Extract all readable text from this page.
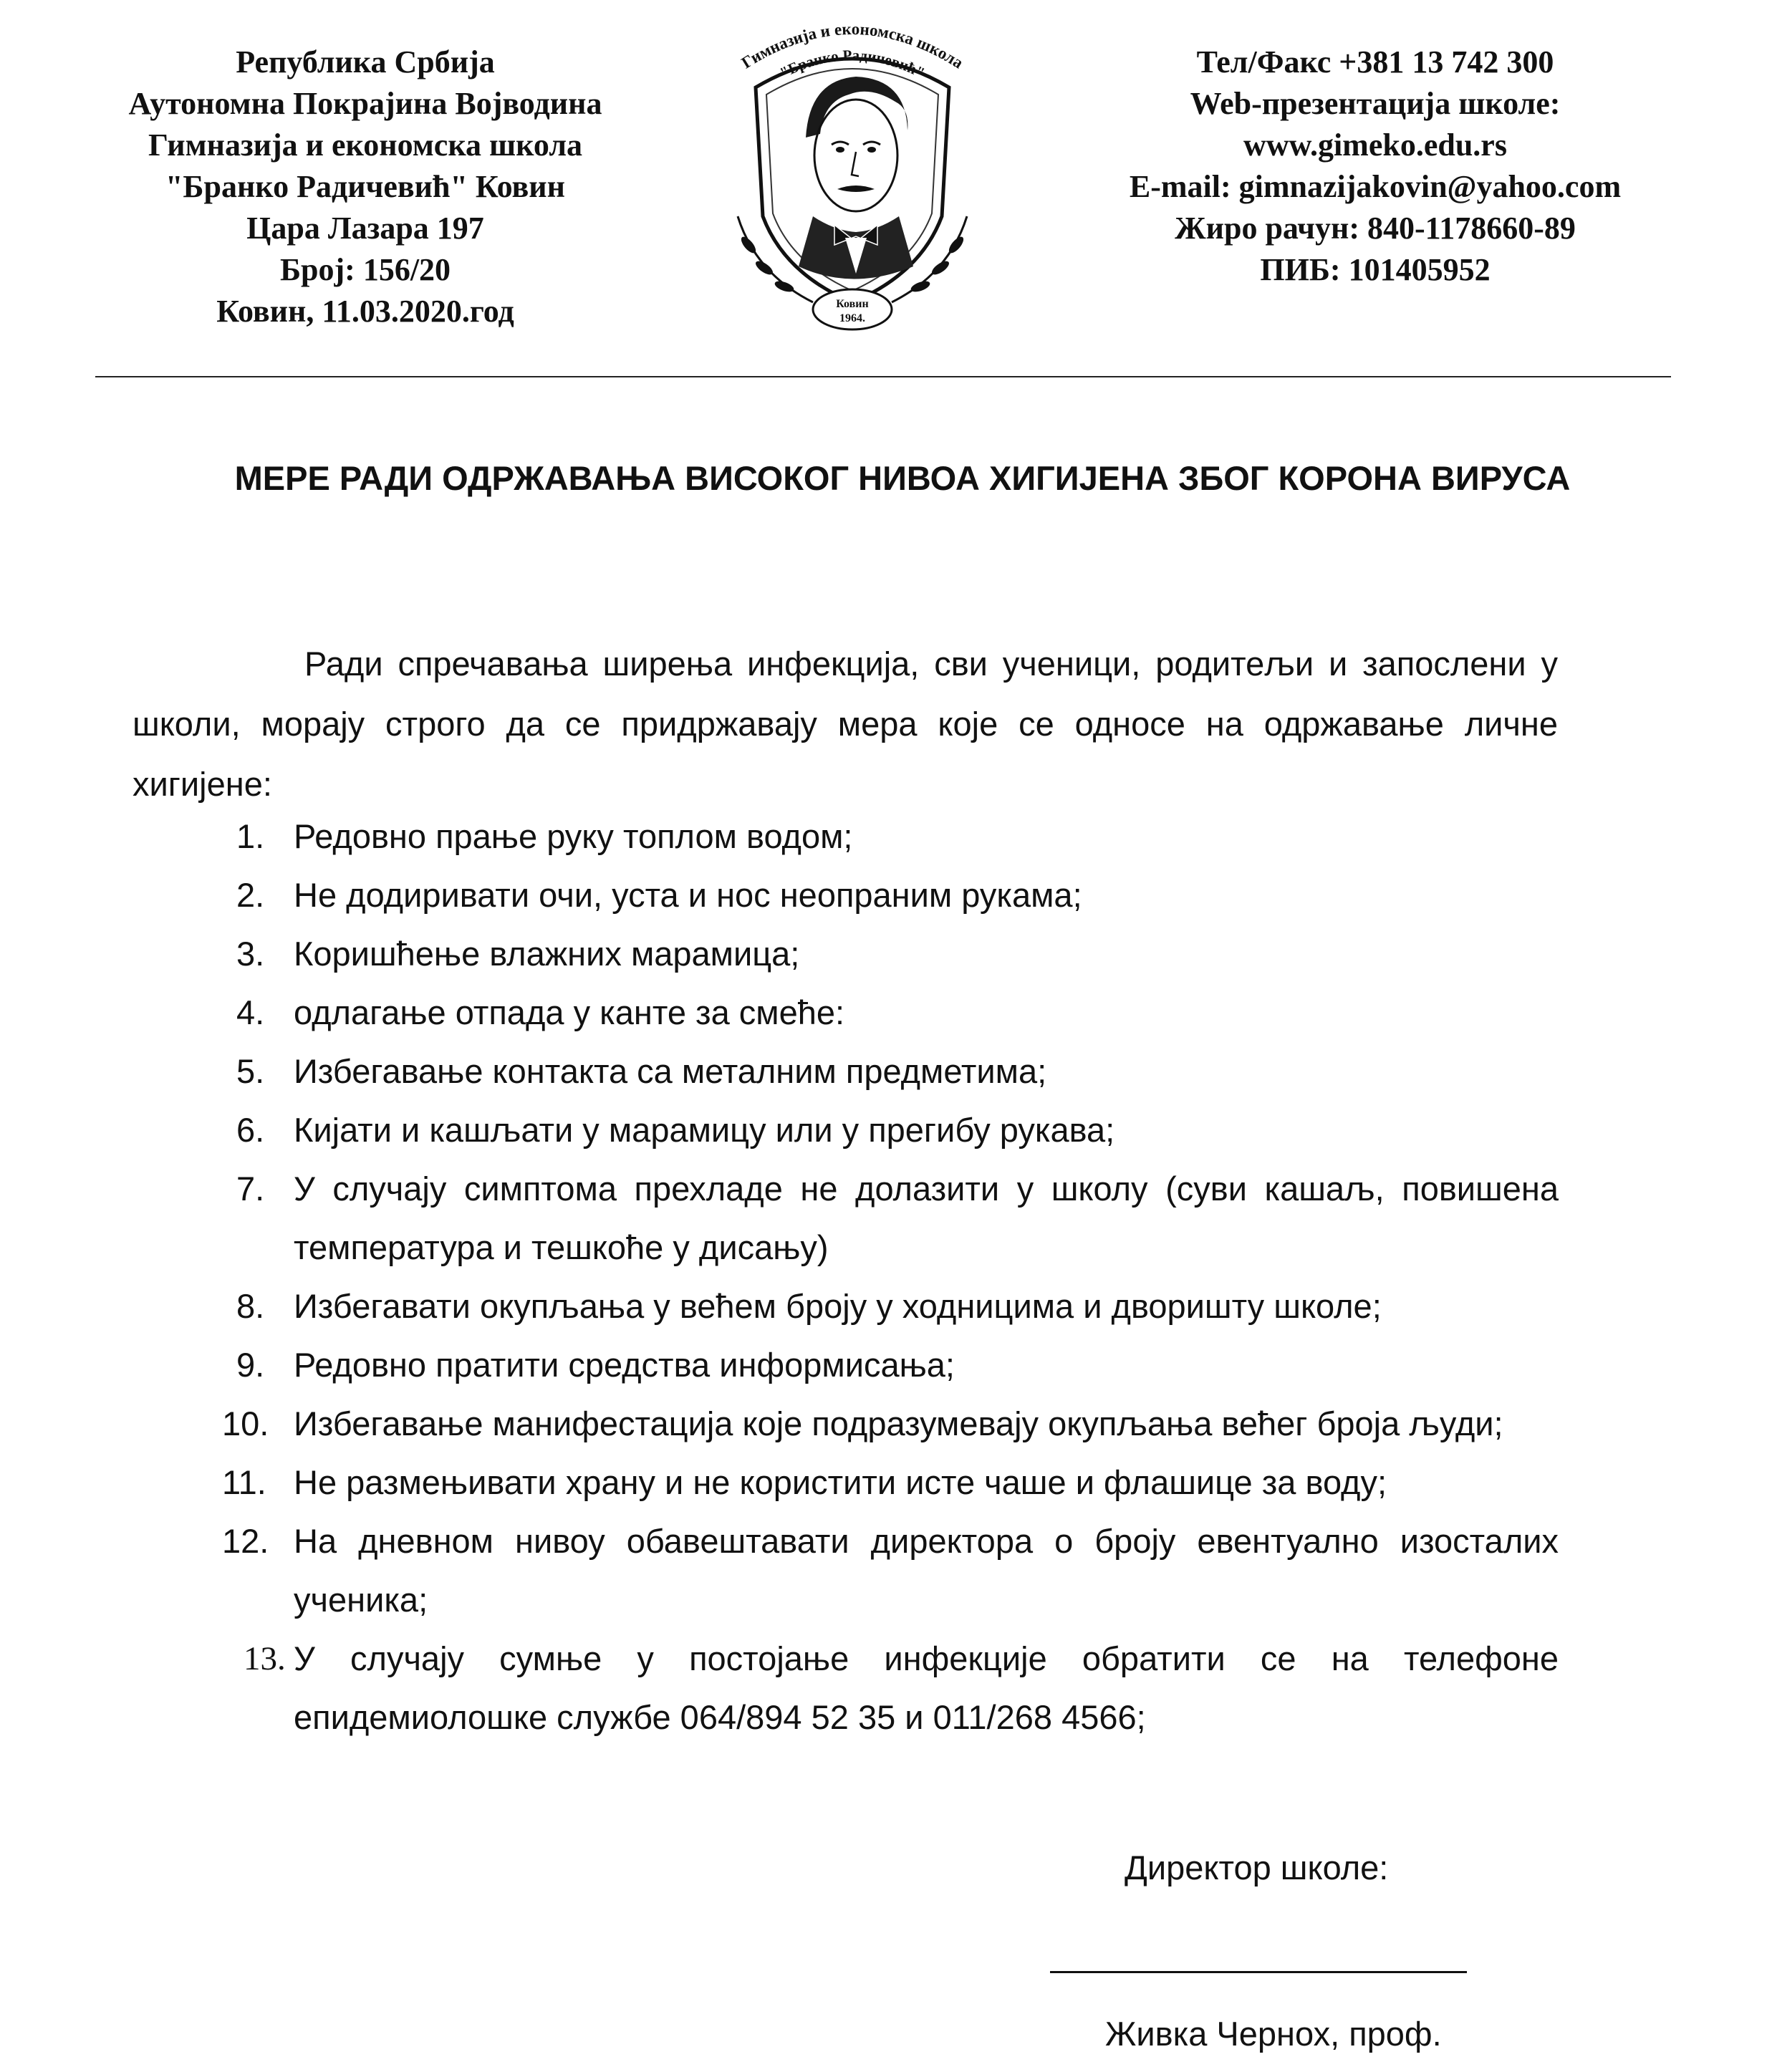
Република Србија
Аутономна Покрајина Војводина
Гимназија и економска школа
"Бранко Радичевић" Ковин
Цара Лазара 197
Број: 156/20
Ковин, 11.03.2020.год
Гимназија и економска школа
"Бранко Радичевић"
Ковин
1964.
Тел/Факс +381 13 742 300
Web-презентација школе:
www.gimeko.edu.rs
E-mail: gimnazijakovin@yahoo.com
Жиро рачун: 840-1178660-89
ПИБ: 101405952
МЕРЕ РАДИ ОДРЖАВАЊА ВИСОКОГ НИВОА ХИГИЈЕНА ЗБОГ КОРОНА ВИРУСА

Ради спречавања ширења инфекција, сви ученици, родитељи и запослени у школи, морају строго да се придржавају мера које се односе на одржавање личне хигијене:

1. Редовно прање руку топлом водом;
2. Не додиривати очи, уста и нос неопраним рукама;
3. Коришћење влажних марамица;
4. одлагање отпада у канте за смеће:
5. Избегавање контакта са металним предметима;
6. Кијати и кашљати у марамицу или у прегибу рукава;
7. У случају симптома прехладе не долазити у школу (суви кашаљ, повишена температура и тешкоће у дисању)
8. Избегавати окупљања у већем броју у ходницима и дворишту школе;
9. Редовно пратити средства информисања;
10. Избегавање манифестација које подразумевају окупљања већег броја људи;
11. Не размењивати храну и не користити исте чаше и флашице за воду;
12. На дневном нивоу обавештавати директора о броју евентуално изосталих ученика;
13. У случају сумње у постојање инфекције обратити се на телефоне епидемиолошке службе 064/894 52 35 и 011/268 4566;
Директор школе:
Живка Чернох, проф.
